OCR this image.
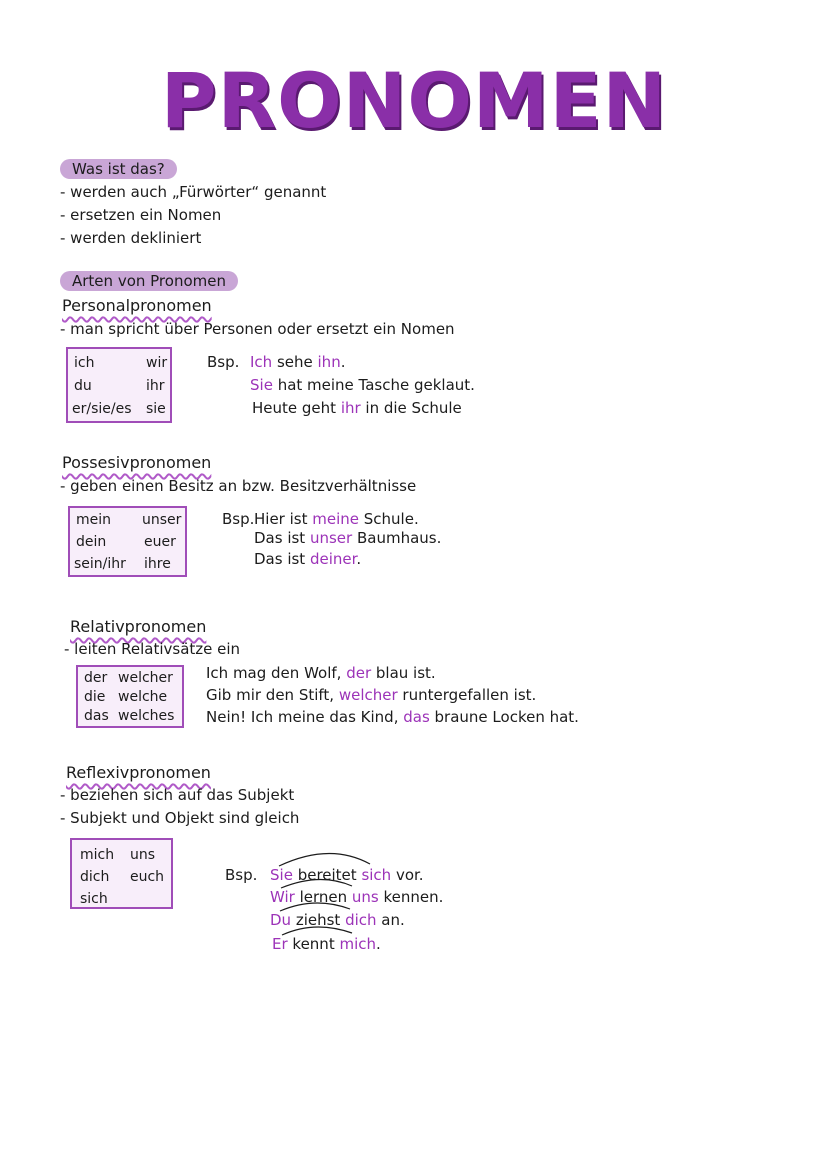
PRONOMEN
Was ist das?
- werden auch „Fürwörter“ genannt
- ersetzen ein Nomen
- werden dekliniert
Arten von Pronomen
Personalpronomen
- man spricht über Personen oder ersetzt ein Nomen
ich	wir
du	ihr
er/sie/es sie
Bsp. Ich sehe ihn.
Sie hat meine Tasche geklaut.
Heute geht ihr in die Schule
Possesivpronomen
- geben einen Besitz an bzw. Besitzverhältnisse
mein unser
dein	euer
sein/ihr ihre
Bsp. Hier ist meine Schule.
Das ist unser Baumhaus.
Das ist deiner.
Relativpronomen
- leiten Relativsätze ein
der welcher
die welche
das welches
Ich mag den Wolf, der blau ist.
Gib mir den Stift, welcher runtergefallen ist.
Nein! Ich meine das Kind, das braune Locken hat.
Reflexivpronomen
- beziehen sich auf das Subjekt
- Subjekt und Objekt sind gleich
mich uns
dich euch
sich
Bsp. Sie bereitet sich vor.
Wir lernen uns kennen.
Du ziehst dich an.
Er kennt mich.
